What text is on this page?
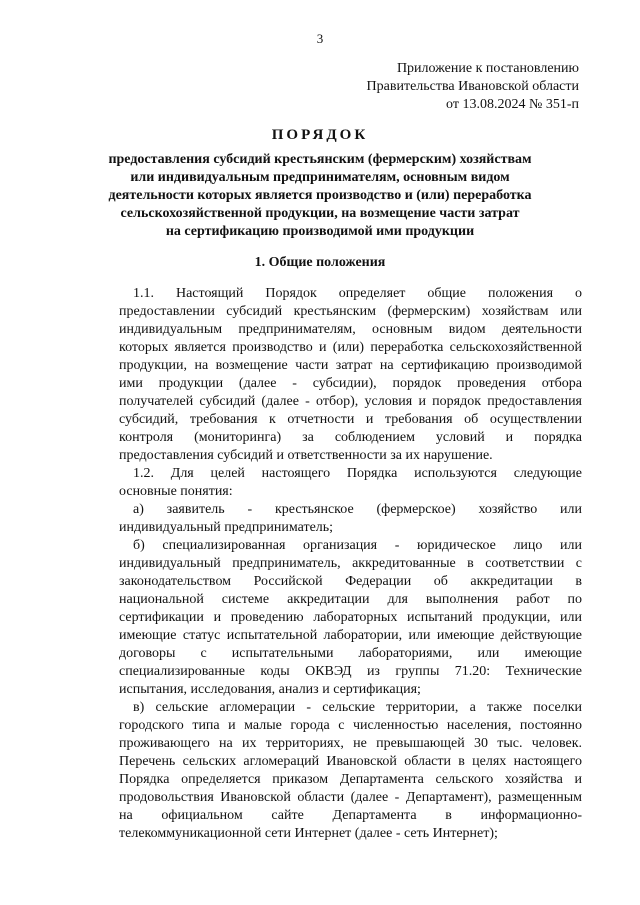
3
Приложение к постановлению
Правительства Ивановской области
от 13.08.2024 № 351-п
ПОРЯДОК
предоставления субсидий крестьянским (фермерским) хозяйствам
или индивидуальным предпринимателям, основным видом
деятельности которых является производство и (или) переработка
сельскохозяйственной продукции, на возмещение части затрат
на сертификацию производимой ими продукции
1. Общие положения
1.1. Настоящий Порядок определяет общие положения о
предоставлении субсидий крестьянским (фермерским) хозяйствам или
индивидуальным предпринимателям, основным видом деятельности
которых является производство и (или) переработка сельскохозяйственной
продукции, на возмещение части затрат на сертификацию производимой
ими продукции (далее - субсидии), порядок проведения отбора
получателей субсидий (далее - отбор), условия и порядок предоставления
субсидий, требования к отчетности и требования об осуществлении
контроля (мониторинга) за соблюдением условий и порядка
предоставления субсидий и ответственности за их нарушение.
1.2. Для целей настоящего Порядка используются следующие
основные понятия:
а) заявитель - крестьянское (фермерское) хозяйство или
индивидуальный предприниматель;
б) специализированная организация - юридическое лицо или
индивидуальный предприниматель, аккредитованные в соответствии с
законодательством Российской Федерации об аккредитации в
национальной системе аккредитации для выполнения работ по
сертификации и проведению лабораторных испытаний продукции, или
имеющие статус испытательной лаборатории, или имеющие действующие
договоры с испытательными лабораториями, или имеющие
специализированные коды ОКВЭД из группы 71.20: Технические
испытания, исследования, анализ и сертификация;
в) сельские агломерации - сельские территории, а также поселки
городского типа и малые города с численностью населения, постоянно
проживающего на их территориях, не превышающей 30 тыс. человек.
Перечень сельских агломераций Ивановской области в целях настоящего
Порядка определяется приказом Департамента сельского хозяйства и
продовольствия Ивановской области (далее - Департамент), размещенным
на официальном сайте Департамента в информационно-
телекоммуникационной сети Интернет (далее - сеть Интернет);
